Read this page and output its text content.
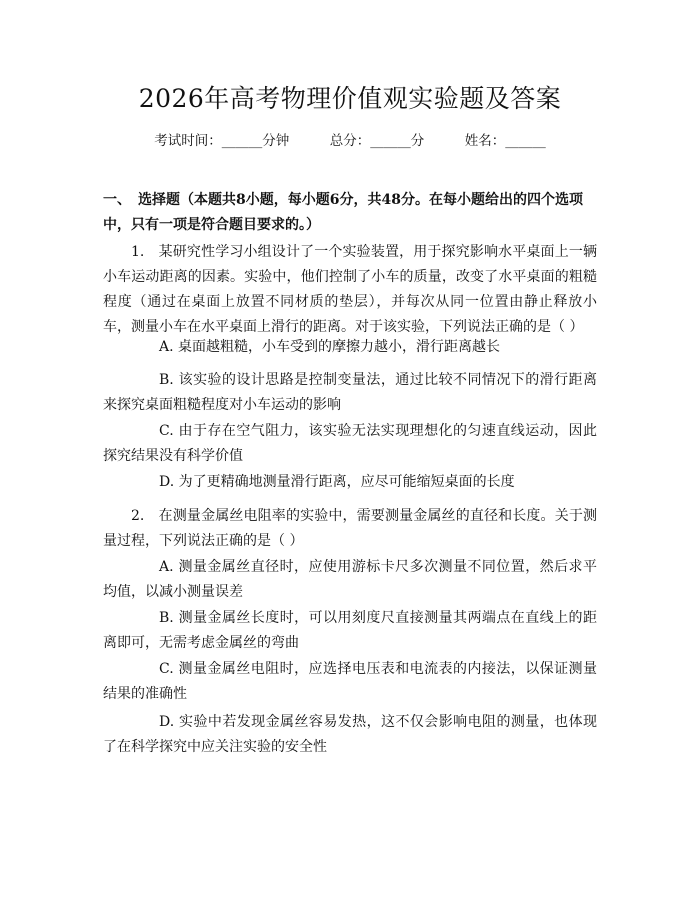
2026年高考物理价值观实验题及答案
考试时间：______分钟　　　总分：______分　　　姓名：______
一、　选择题（本题共8小题，每小题6分，共48分。在每小题给出的四个选项中，只有一项是符合题目要求的。）
1.　某研究性学习小组设计了一个实验装置，用于探究影响水平桌面上一辆小车运动距离的因素。实验中，他们控制了小车的质量，改变了水平桌面的粗糙程度（通过在桌面上放置不同材质的垫层），并每次从同一位置由静止释放小车，测量小车在水平桌面上滑行的距离。对于该实验，下列说法正确的是（ ）
A. 桌面越粗糙，小车受到的摩擦力越小，滑行距离越长
B. 该实验的设计思路是控制变量法，通过比较不同情况下的滑行距离来探究桌面粗糙程度对小车运动的影响
C. 由于存在空气阻力，该实验无法实现理想化的匀速直线运动，因此探究结果没有科学价值
D. 为了更精确地测量滑行距离，应尽可能缩短桌面的长度
2.　在测量金属丝电阻率的实验中，需要测量金属丝的直径和长度。关于测量过程，下列说法正确的是（ ）
A. 测量金属丝直径时，应使用游标卡尺多次测量不同位置，然后求平均值，以减小测量误差
B. 测量金属丝长度时，可以用刻度尺直接测量其两端点在直线上的距离即可，无需考虑金属丝的弯曲
C. 测量金属丝电阻时，应选择电压表和电流表的内接法，以保证测量结果的准确性
D. 实验中若发现金属丝容易发热，这不仅会影响电阻的测量，也体现了在科学探究中应关注实验的安全性
